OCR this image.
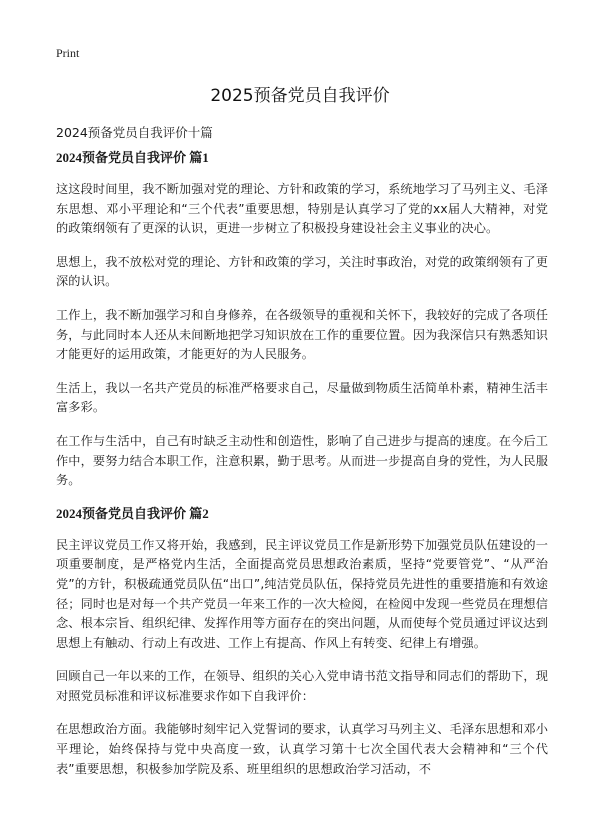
Print
2025预备党员自我评价

2024预备党员自我评价十篇

2024预备党员自我评价 篇1

这这段时间里，我不断加强对党的理论、方针和政策的学习，系统地学习了马列主义、毛泽东思想、邓小平理论和“三个代表”重要思想，特别是认真学习了党的xx届人大精神，对党的政策纲领有了更深的认识，更进一步树立了积极投身建设社会主义事业的决心。

思想上，我不放松对党的理论、方针和政策的学习，关注时事政治，对党的政策纲领有了更深的认识。

工作上，我不断加强学习和自身修养，在各级领导的重视和关怀下，我较好的完成了各项任务，与此同时本人还从未间断地把学习知识放在工作的重要位置。因为我深信只有熟悉知识才能更好的运用政策，才能更好的为人民服务。

生活上，我以一名共产党员的标准严格要求自己，尽量做到物质生活简单朴素，精神生活丰富多彩。

在工作与生活中，自己有时缺乏主动性和创造性，影响了自己进步与提高的速度。在今后工作中，要努力结合本职工作，注意积累，勤于思考。从而进一步提高自身的党性，为人民服务。

2024预备党员自我评价 篇2

民主评议党员工作又将开始，我感到，民主评议党员工作是新形势下加强党员队伍建设的一项重要制度，是严格党内生活，全面提高党员思想政治素质，坚持“党要管党”、“从严治党”的方针，积极疏通党员队伍“出口”,纯洁党员队伍，保持党员先进性的重要措施和有效途径；同时也是对每一个共产党员一年来工作的一次大检阅，在检阅中发现一些党员在理想信念、根本宗旨、组织纪律、发挥作用等方面存在的突出问题，从而使每个党员通过评议达到思想上有触动、行动上有改进、工作上有提高、作风上有转变、纪律上有增强。

回顾自己一年以来的工作，在领导、组织的关心入党申请书范文指导和同志们的帮助下，现对照党员标准和评议标准要求作如下自我评价：

在思想政治方面。我能够时刻牢记入党誓词的要求，认真学习马列主义、毛泽东思想和邓小平理论，始终保持与党中央高度一致，认真学习第十七次全国代表大会精神和“三个代表”重要思想，积极参加学院及系、班里组织的思想政治学习活动，不
